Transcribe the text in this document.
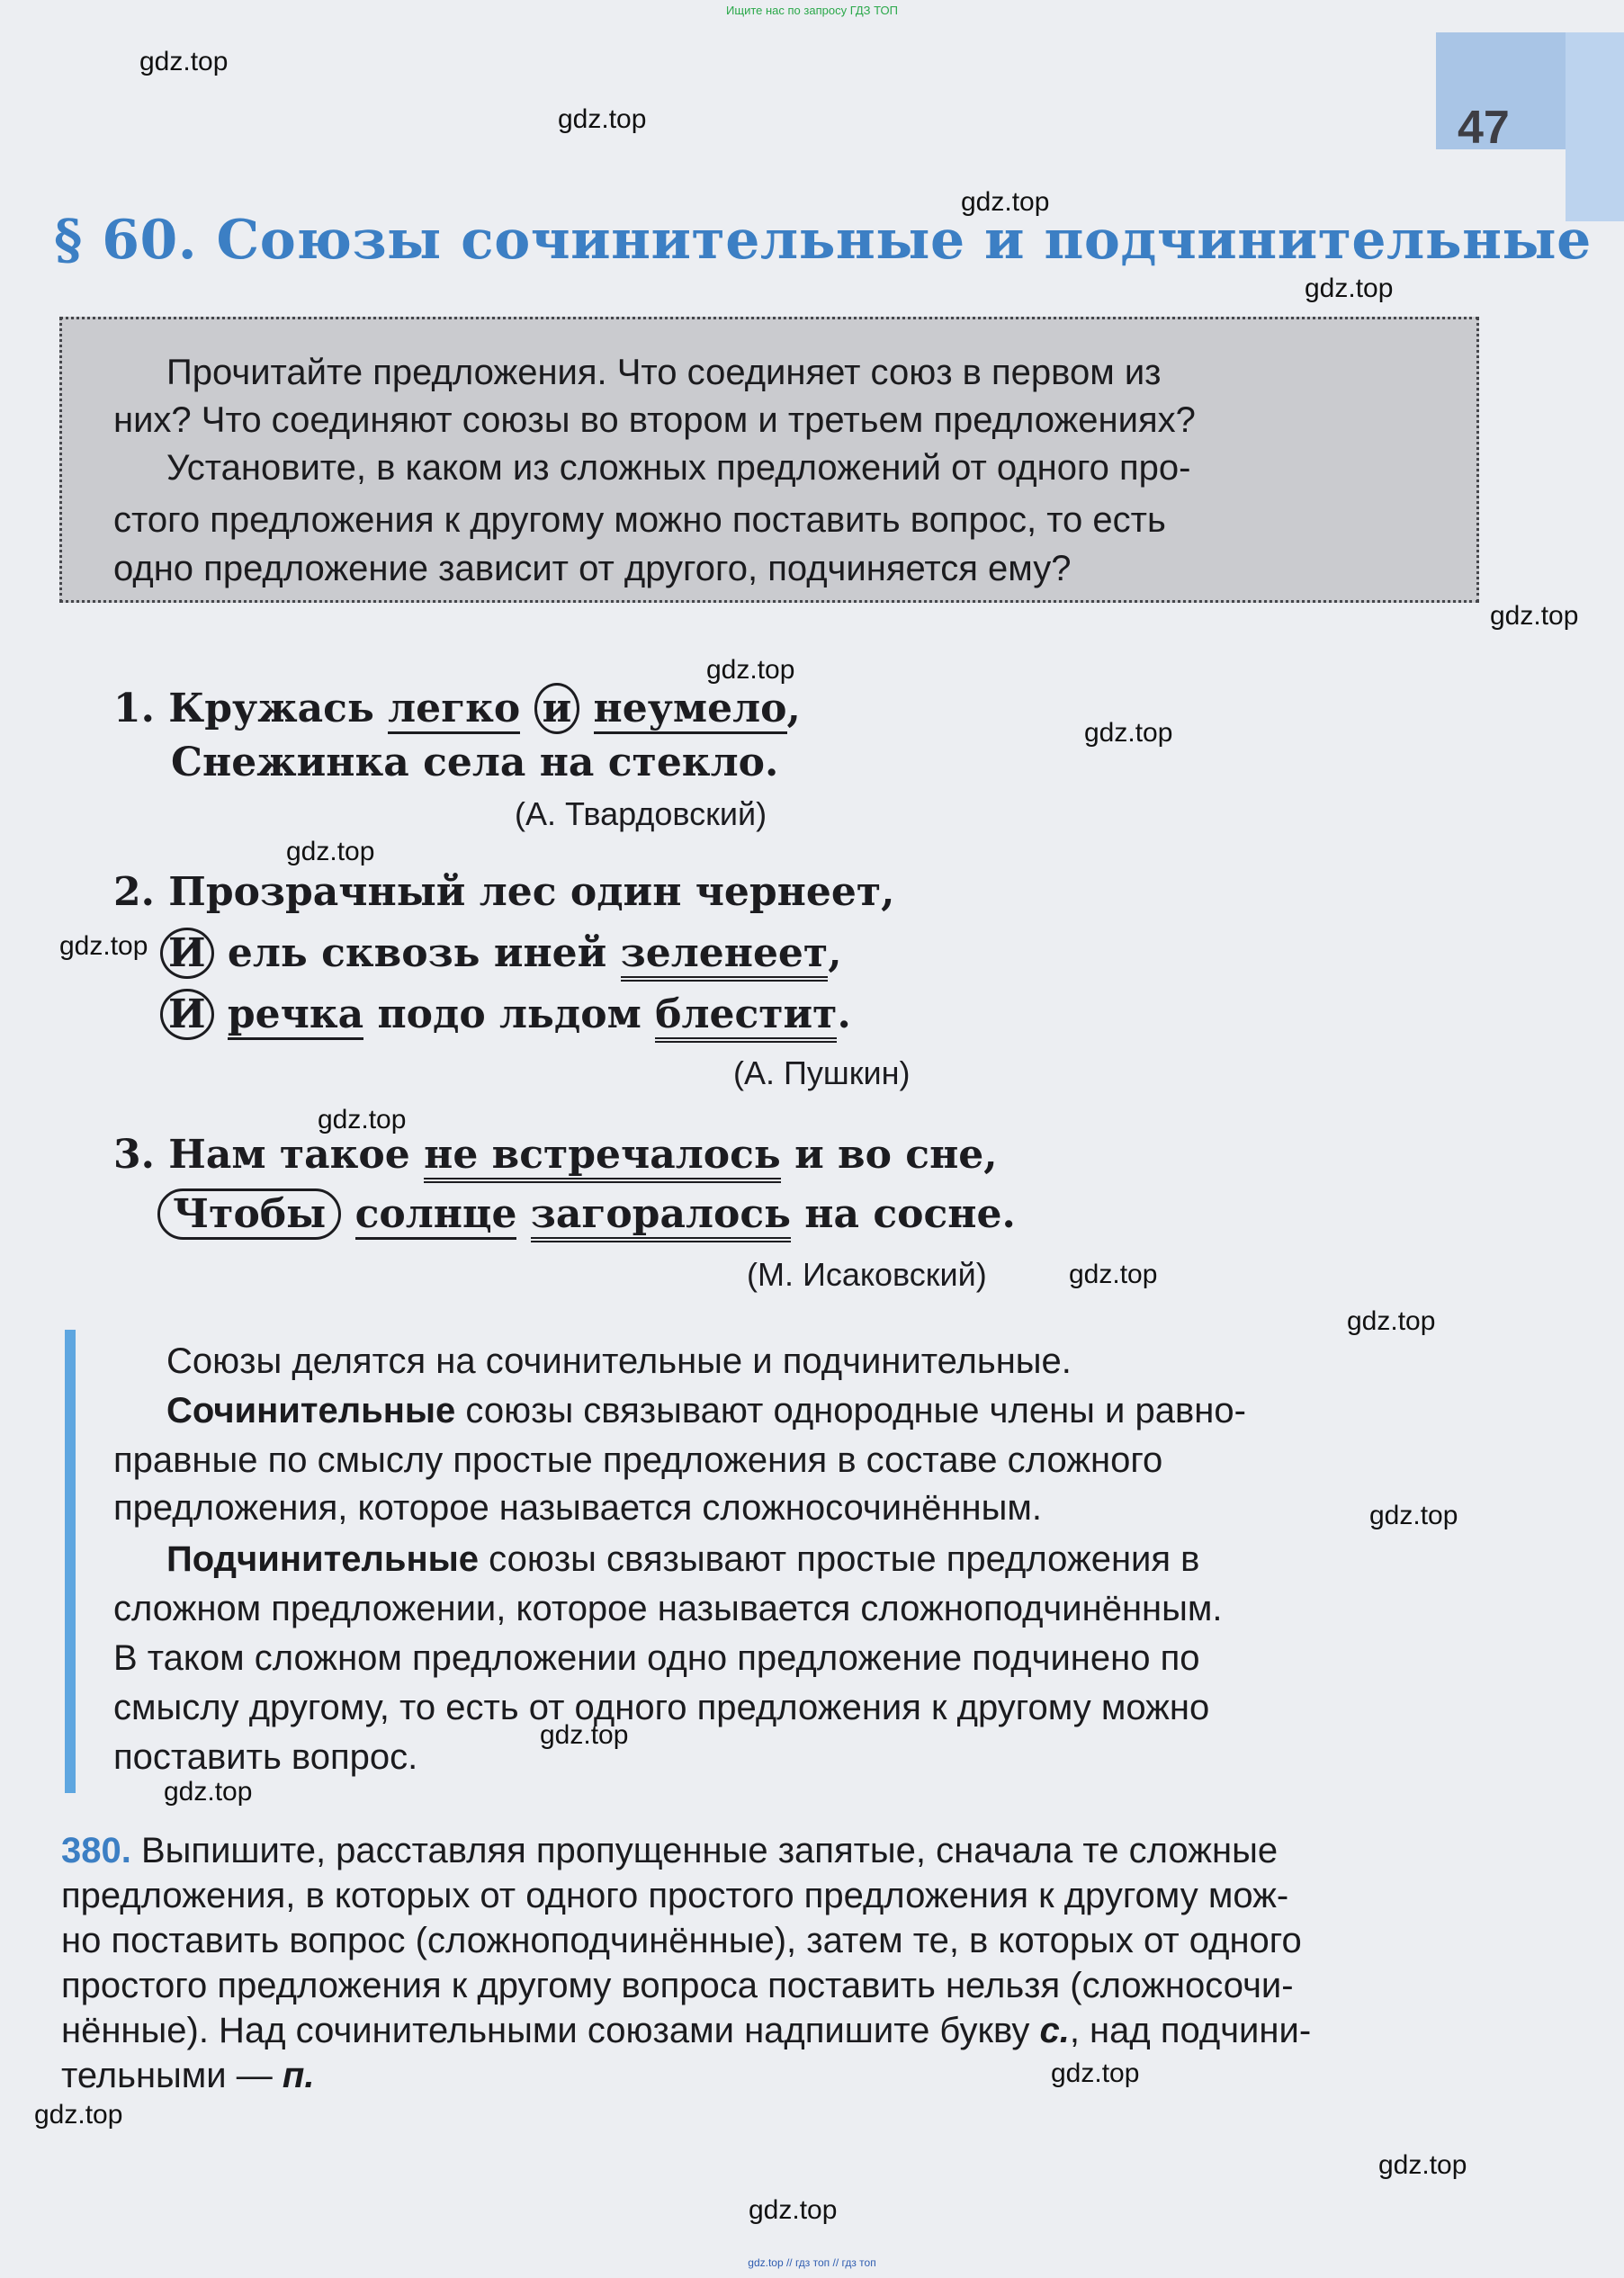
Ищите нас по запросу ГДЗ ТОП
47
gdz.top
gdz.top
gdz.top
gdz.top
gdz.top
gdz.top
gdz.top
gdz.top
gdz.top
gdz.top
gdz.top
gdz.top
gdz.top
gdz.top
gdz.top
gdz.top
gdz.top
gdz.top
gdz.top
§ 60. Союзы сочинительные и подчинительные
Прочитайте предложения. Что соединяет союз в первом из
них? Что соединяют союзы во втором и третьем предложениях?
Установите, в каком из сложных предложений от одного про-
стого предложения к другому можно поставить вопрос, то есть
одно предложение зависит от другого, подчиняется ему?
1. Кружась легко и неумело,
Снежинка села на стекло.
(А. Твардовский)
2. Прозрачный лес один чернеет,
И ель сквозь иней зеленеет,
И речка подо льдом блестит.
(А. Пушкин)
3. Нам такое не встречалось и во сне,
Чтобы солнце загоралось на сосне.
(М. Исаковский)
Союзы делятся на сочинительные и подчинительные.
Сочинительные союзы связывают однородные члены и равно-
правные по смыслу простые предложения в составе сложного
предложения, которое называется сложносочинённым.
Подчинительные союзы связывают простые предложения в
сложном предложении, которое называется сложноподчинённым.
В таком сложном предложении одно предложение подчинено по
смыслу другому, то есть от одного предложения к другому можно
поставить вопрос.
380. Выпишите, расставляя пропущенные запятые, сначала те сложные
предложения, в которых от одного простого предложения к другому мож-
но поставить вопрос (сложноподчинённые), затем те, в которых от одного
простого предложения к другому вопроса поставить нельзя (сложносочи-
нённые). Над сочинительными союзами надпишите букву с., над подчини-
тельными — п.
gdz.top // гдз топ // гдз топ
